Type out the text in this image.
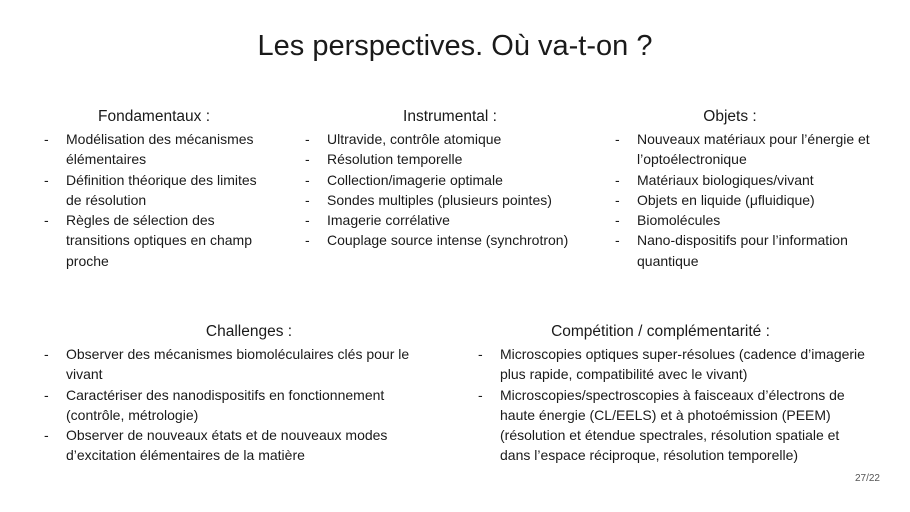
Les perspectives. Où va-t-on ?
Fondamentaux :
- Modélisation des mécanismes élémentaires
- Définition théorique des limites de résolution
- Règles de sélection des transitions optiques en champ proche
Instrumental :
- Ultravide, contrôle atomique
- Résolution temporelle
- Collection/imagerie optimale
- Sondes multiples (plusieurs pointes)
- Imagerie corrélative
- Couplage source intense (synchrotron)
Objets :
- Nouveaux matériaux pour l’énergie et l’optoélectronique
- Matériaux biologiques/vivant
- Objets en liquide (μfluidique)
- Biomolécules
- Nano-dispositifs pour l’information quantique
Challenges :
- Observer des mécanismes biomoléculaires clés pour le vivant
- Caractériser des nanodispositifs en fonctionnement (contrôle, métrologie)
- Observer de nouveaux états et de nouveaux modes d’excitation élémentaires de la matière
Compétition / complémentarité :
- Microscopies optiques super-résolues (cadence d’imagerie plus rapide, compatibilité avec le vivant)
- Microscopies/spectroscopies à faisceaux d’électrons de haute énergie (CL/EELS) et à photoémission (PEEM) (résolution et étendue spectrales, résolution spatiale et dans l’espace réciproque, résolution temporelle)
27/22
